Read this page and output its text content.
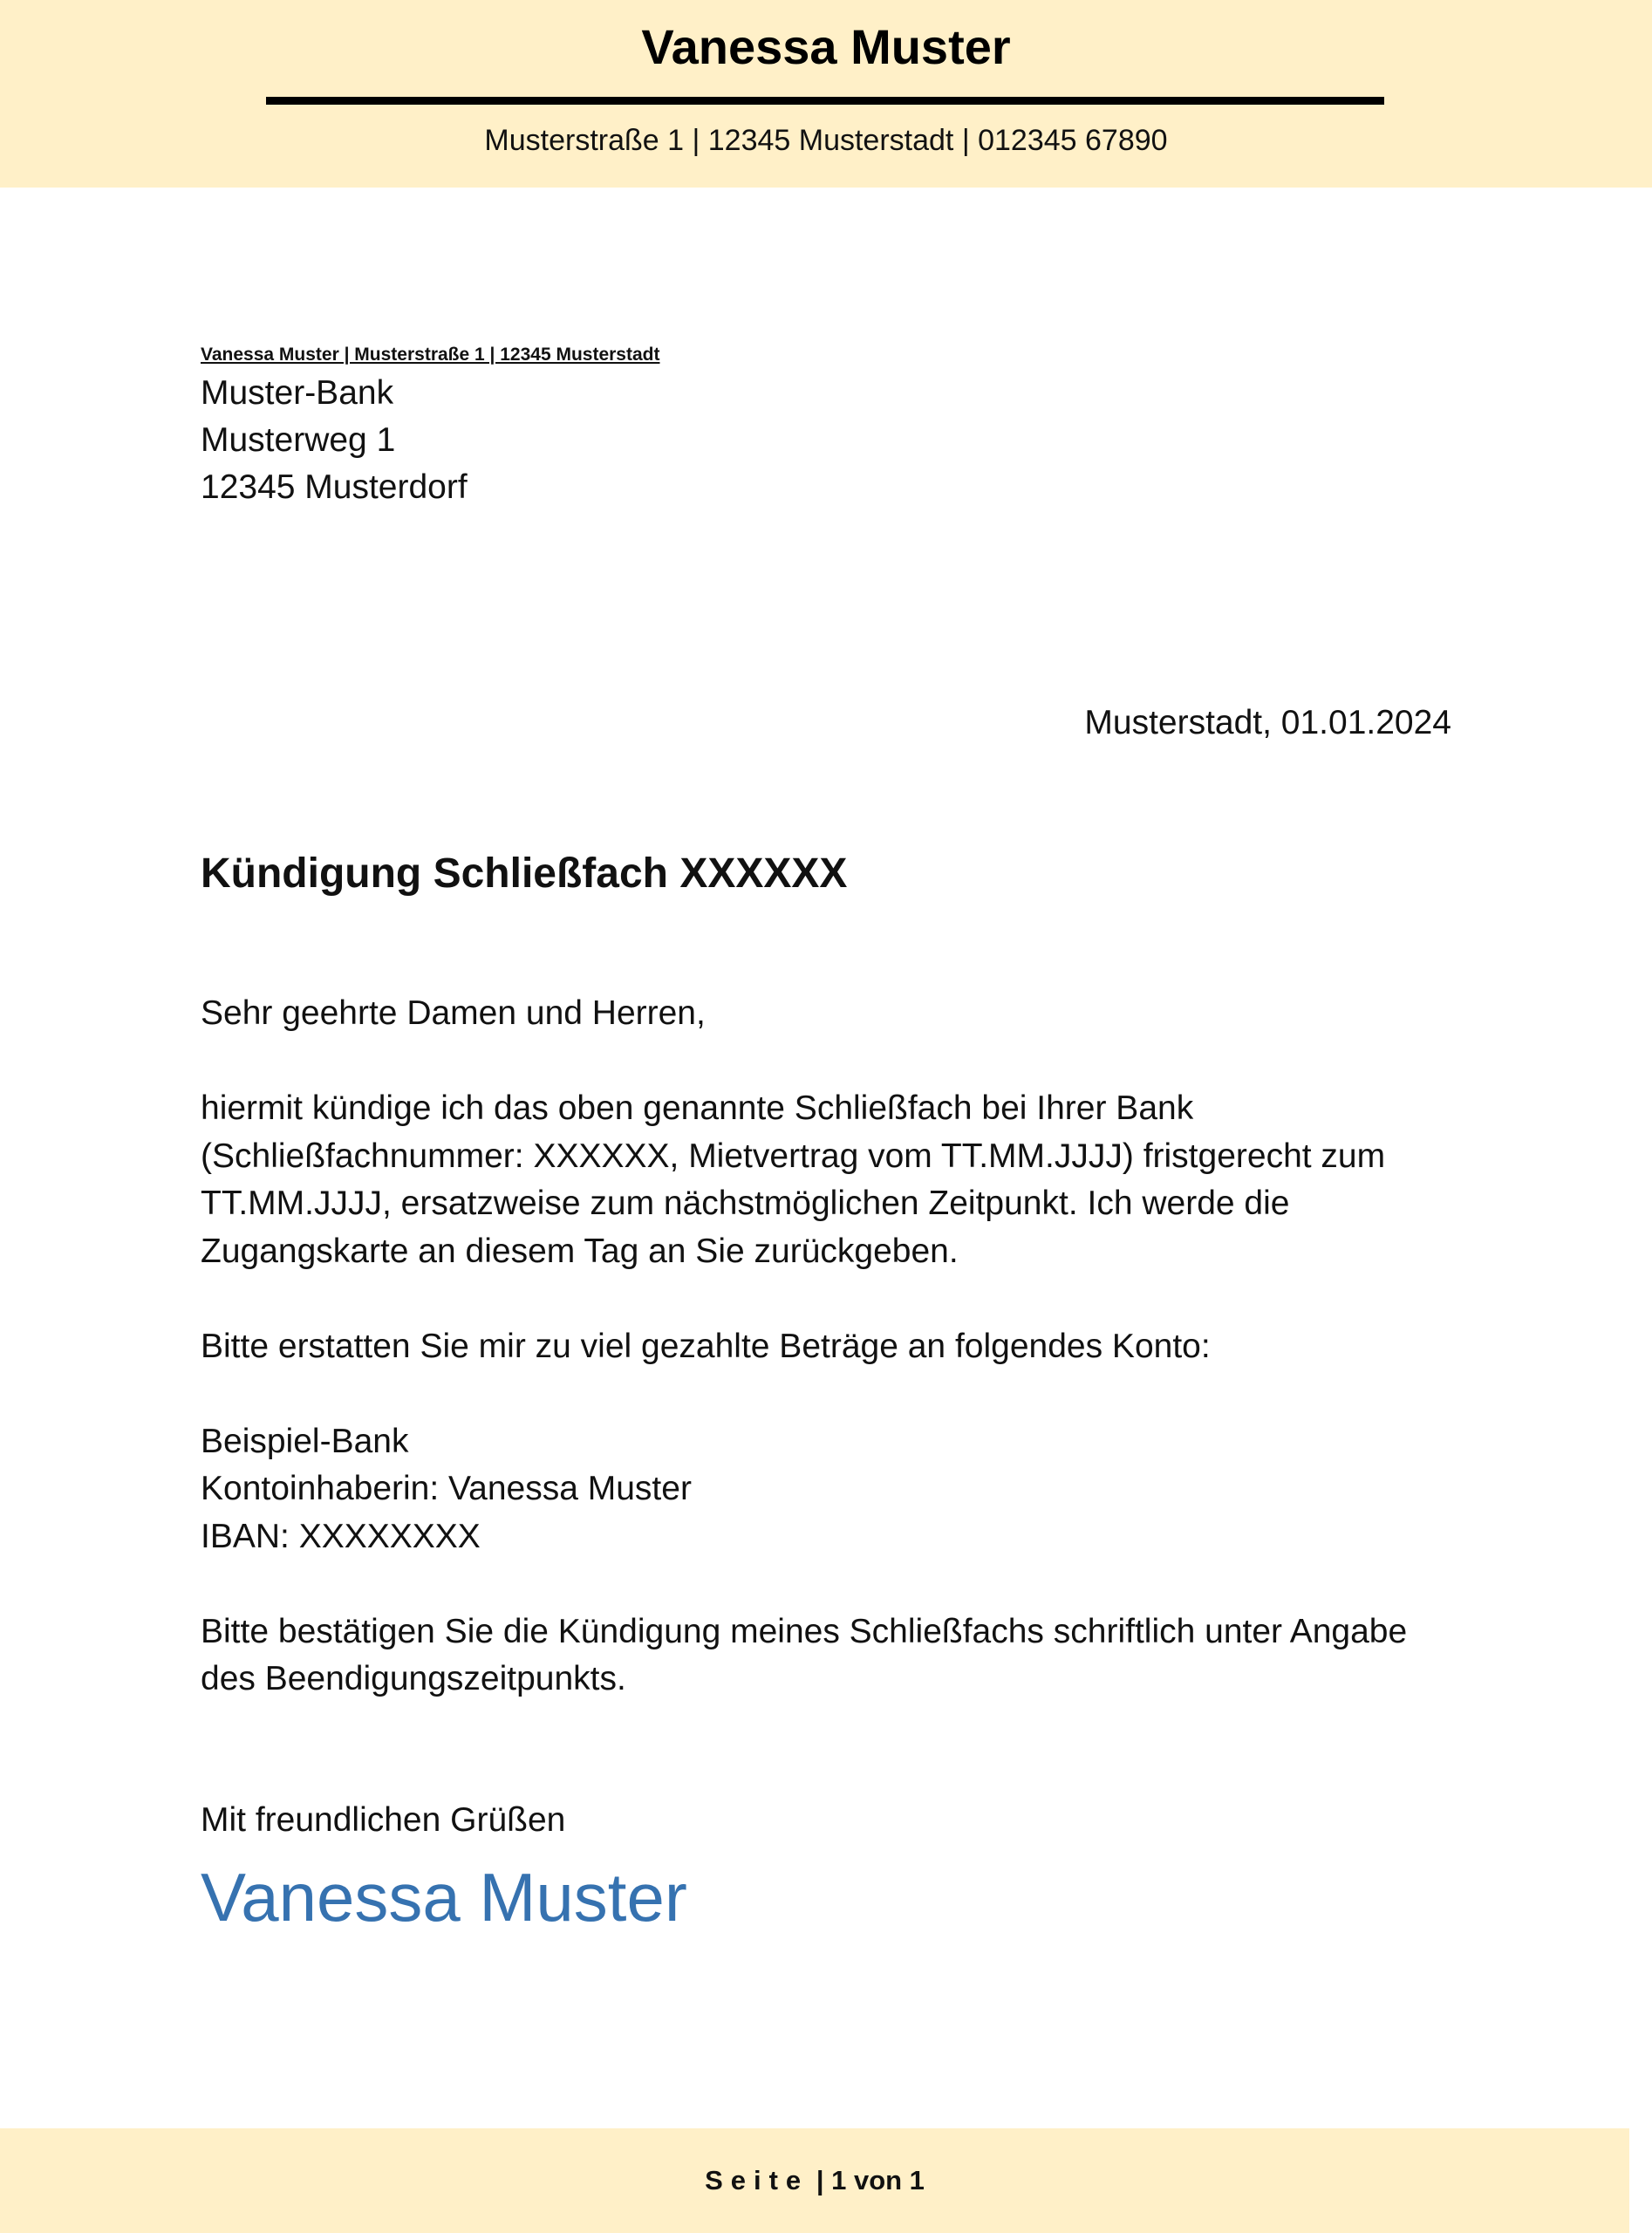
Vanessa Muster
Musterstraße 1 | 12345 Musterstadt | 012345 67890
Vanessa Muster | Musterstraße 1 | 12345 Musterstadt
Muster-Bank
Musterweg 1
12345 Musterdorf
Musterstadt, 01.01.2024
Kündigung Schließfach XXXXXX

Sehr geehrte Damen und Herren,

hiermit kündige ich das oben genannte Schließfach bei Ihrer Bank (Schließfachnummer: XXXXXX, Mietvertrag vom TT.MM.JJJJ) fristgerecht zum TT.MM.JJJJ, ersatzweise zum nächstmöglichen Zeitpunkt. Ich werde die Zugangskarte an diesem Tag an Sie zurückgeben.

Bitte erstatten Sie mir zu viel gezahlte Beträge an folgendes Konto:

Beispiel-Bank
Kontoinhaberin: Vanessa Muster
IBAN: XXXXXXXX

Bitte bestätigen Sie die Kündigung meines Schließfachs schriftlich unter Angabe des Beendigungszeitpunkts.

Mit freundlichen Grüßen
Vanessa Muster
Seite | 1 von 1
